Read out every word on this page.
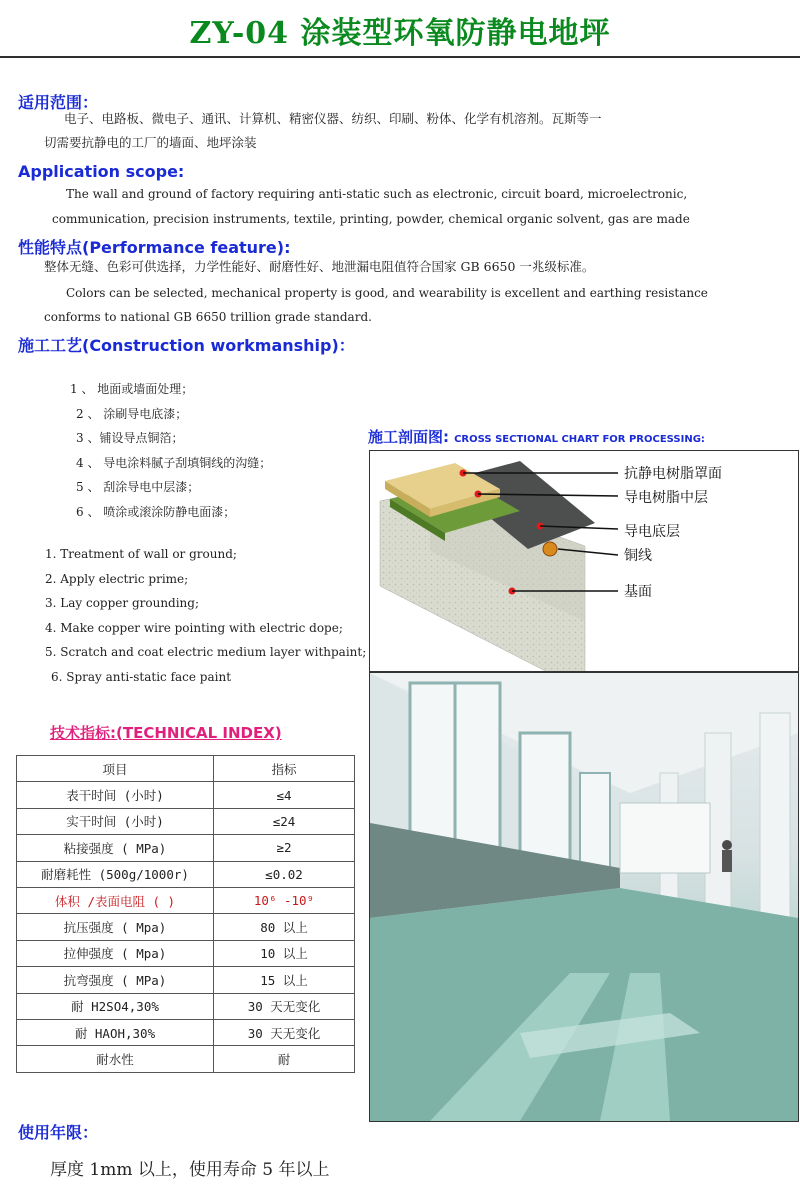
ZY-04 涂装型环氧防静电地坪
适用范围：
电子、电路板、微电子、通讯、计算机、精密仪器、纺织、印刷、粉体、化学有机溶剂。瓦斯等一
切需要抗静电的工厂的墙面、地坪涂装
Application scope:
The wall and ground of factory requiring anti-static such as electronic, circuit board, microelectronic,
communication, precision instruments, textile, printing, powder, chemical organic solvent, gas are made
性能特点(Performance feature):
整体无缝、色彩可供选择，力学性能好、耐磨性好、地泄漏电阻值符合国家 GB 6650 一兆级标准。
Colors can be selected, mechanical property is good, and wearability is excellent and earthing resistance
conforms to national GB 6650 trillion grade standard.
施工工艺(Construction workmanship)：
1 、 地面或墙面处理；
2 、 涂刷导电底漆；
3 、铺设导点铜箔；
4 、 导电涂料腻子刮填铜线的沟缝；
5 、 刮涂导电中层漆；
6 、 喷涂或滚涂防静电面漆；
1. Treatment of wall or ground;
2. Apply electric prime;
3. Lay copper grounding;
4. Make copper wire pointing with electric dope;
5. Scratch and coat electric medium layer withpaint;
6. Spray anti-static face paint
技术指标:(TECHNICAL INDEX)
项目	指标
表干时间 (小时)	≤4
实干时间 (小时)	≤24
粘接强度 ( MPa)	≥2
耐磨耗性 (500g/1000r)	≤0.02
体积 /表面电阻 ( )	10⁶ -10⁹
抗压强度 ( Mpa)	80 以上
拉伸强度 ( Mpa)	10 以上
抗弯强度 ( MPa)	15 以上
耐 H2SO4,30%	30 天无变化
耐 HAOH,30%	30 天无变化
耐水性	耐
使用年限：
厚度 1mm 以上，使用寿命 5 年以上
施工剖面图: CROSS SECTIONAL CHART FOR PROCESSING:
抗静电树脂罩面
导电树脂中层
导电底层
铜线
基面
